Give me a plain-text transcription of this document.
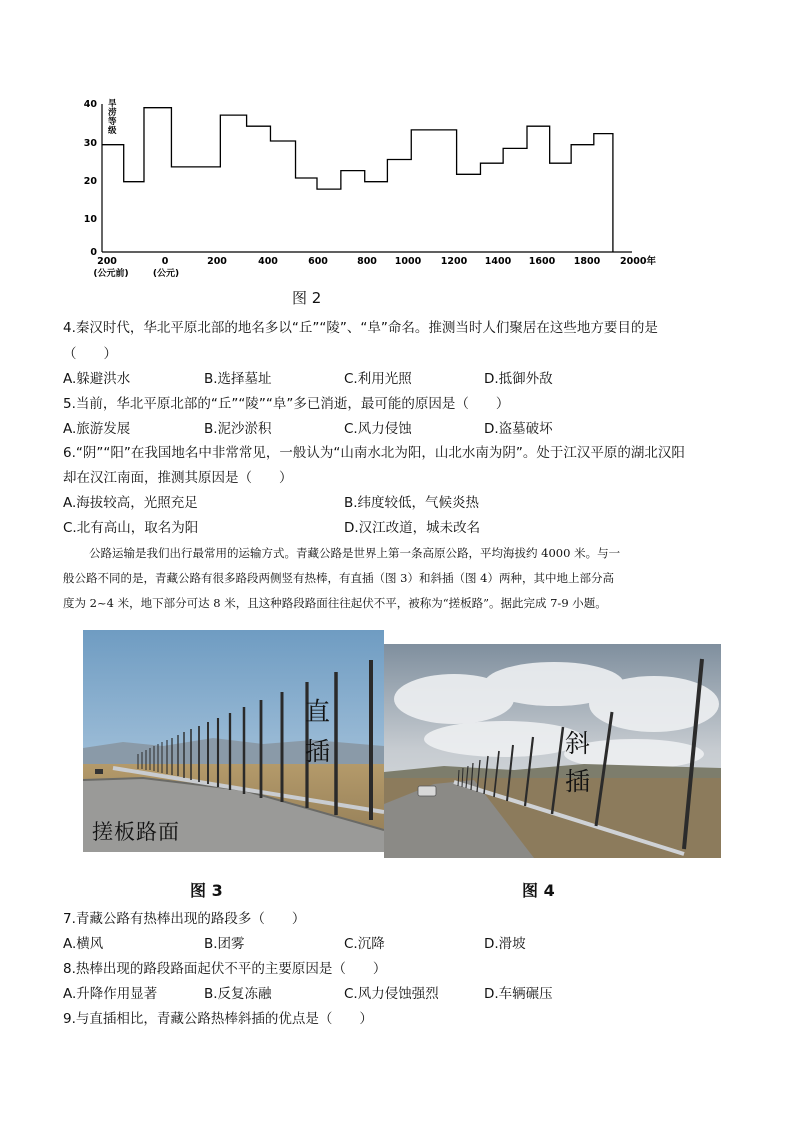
旱
涝
等
级
40
30
20
10
0
200	0	200	400	600	800 1000 1200 1400 1600 1800 2000年
(公元前)	(公元)
图 2
4.秦汉时代，华北平原北部的地名多以“丘”“陵”、“阜”命名。推测当时人们聚居在这些地方要目的是
（　　）
A.躲避洪水	B.选择墓址	C.利用光照	D.抵御外敌
5.当前，华北平原北部的“丘”“陵”“阜”多已消逝，最可能的原因是（　　）
A.旅游发展	B.泥沙淤积	C.风力侵蚀	D.盗墓破坏
6.“阴”“阳”在我国地名中非常常见，一般认为“山南水北为阳，山北水南为阴”。处于江汉平原的湖北汉阳
却在汉江南面，推测其原因是（　　）
A.海拔较高，光照充足	B.纬度较低，气候炎热
C.北有高山，取名为阳	D.汉江改道，城未改名
公路运输是我们出行最常用的运输方式。青藏公路是世界上第一条高原公路，平均海拔约 4000 米。与一
般公路不同的是，青藏公路有很多路段两侧竖有热棒，有直插（图 3）和斜插（图 4）两种，其中地上部分高
度为 2~4 米，地下部分可达 8 米，且这种路段路面往往起伏不平，被称为“搓板路”。据此完成 7-9 小题。
直
插
搓板路面
斜
插
图 3	图 4
7.青藏公路有热棒出现的路段多（　　）
A.横风	B.团雾	C.沉降	D.滑坡
8.热棒出现的路段路面起伏不平的主要原因是（　　）
A.升降作用显著	B.反复冻融	C.风力侵蚀强烈	D.车辆碾压
9.与直插相比，青藏公路热棒斜插的优点是（　　）
